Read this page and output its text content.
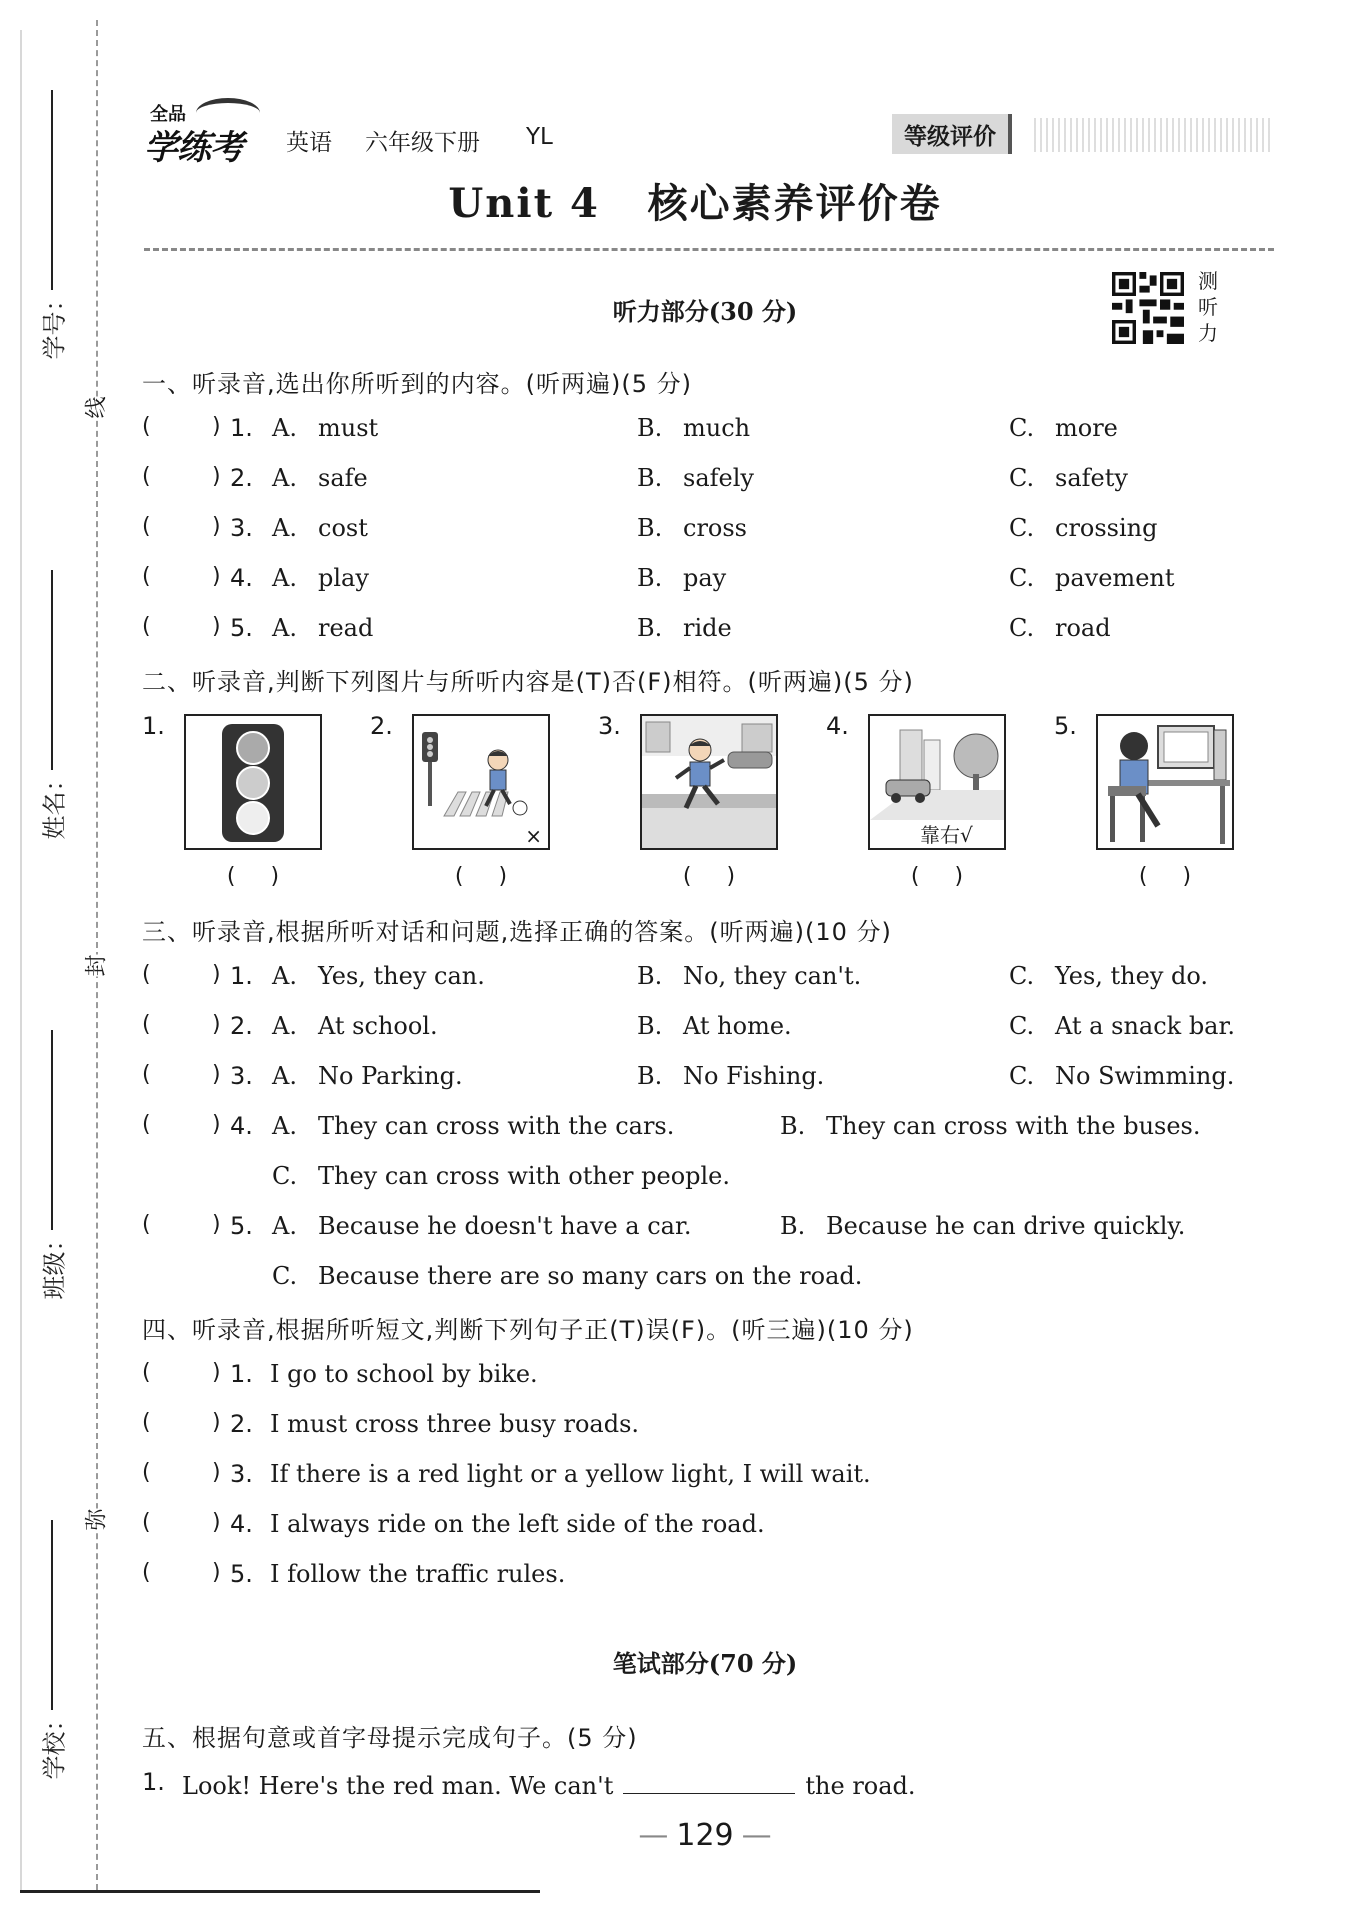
学号：
姓名：
班级：
学校：
线
封
弥
全品
学练考 英语 六年级下册 YL	等级评价
Unit 4   核心素养评价卷
测听力
听力部分(30 分)
一、听录音,选出你所听到的内容。(听两遍)(5 分)
(	) 1. A. must	B. much	C. more
(	) 2. A. safe	B. safely	C. safety
(	) 3. A. cost	B. cross	C. crossing
(	) 4. A. play	B. pay	C. pavement
(	) 5. A. read	B. ride	C. road
二、听录音,判断下列图片与所听内容是(T)否(F)相符。(听两遍)(5 分)
1.
( )
2.
×
( )
3.
( )
4.
靠右√
( )
5.
( )
三、听录音,根据所听对话和问题,选择正确的答案。(听两遍)(10 分)
(	) 1. A. Yes, they can.	B. No, they can't.	C. Yes, they do.
(	) 2. A. At school.	B. At home.	C. At a snack bar.
(	) 3. A. No Parking.	B. No Fishing.	C. No Swimming.
(	) 4. A. They can cross with the cars.	B. They can cross with the buses.
C. They can cross with other people.
(	) 5. A. Because he doesn't have a car.	B. Because he can drive quickly.
C. Because there are so many cars on the road.
四、听录音,根据所听短文,判断下列句子正(T)误(F)。(听三遍)(10 分)
(	) 1. I go to school by bike.
(	) 2. I must cross three busy roads.
(	) 3. If there is a red light or a yellow light, I will wait.
(	) 4. I always ride on the left side of the road.
(	) 5. I follow the traffic rules.
笔试部分(70 分)
五、根据句意或首字母提示完成句子。(5 分)
1. Look! Here's the red man. We can't	the road.
— 129 —
